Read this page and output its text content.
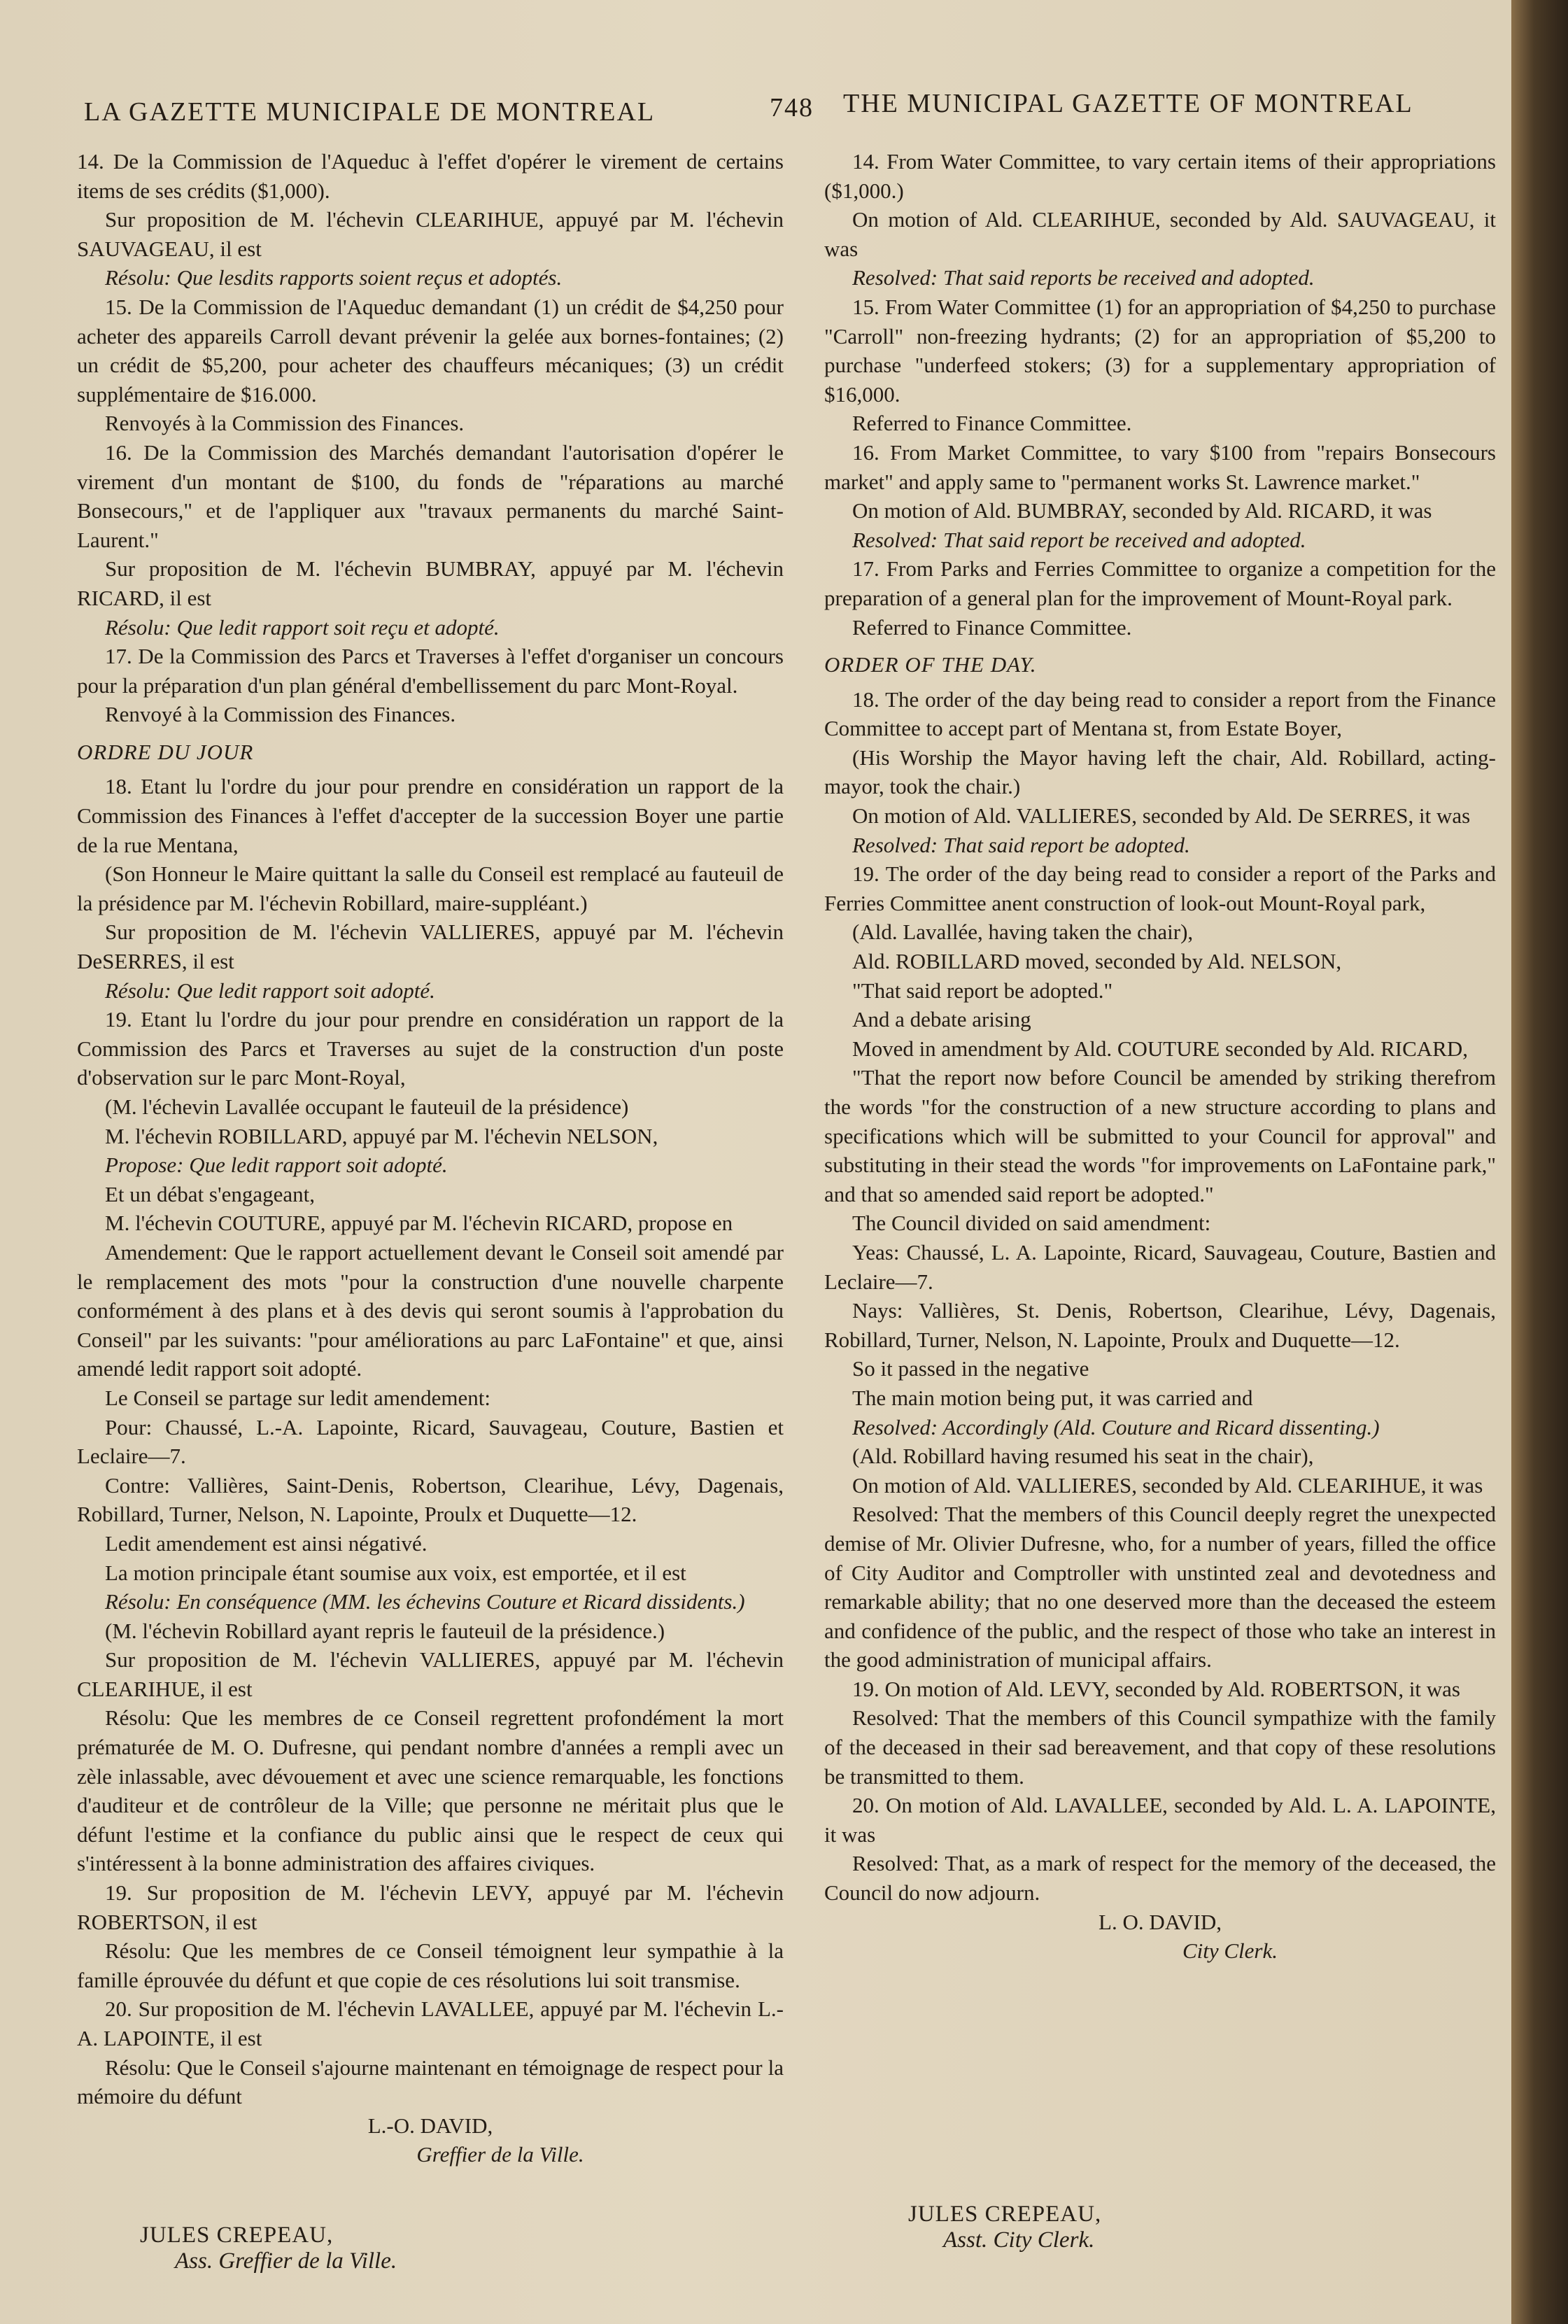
LA GAZETTE MUNICIPALE DE MONTREAL	748 THE MUNICIPAL GAZETTE OF MONTREAL

14. De la Commission de l'Aqueduc à l'effet d'opérer le virement de certains items de ses crédits ($1,000).

Sur proposition de M. l'échevin CLEARIHUE, appuyé par M. l'échevin SAUVAGEAU, il est

Résolu: Que lesdits rapports soient reçus et adoptés.

15. De la Commission de l'Aqueduc demandant (1) un crédit de $4,250 pour acheter des appareils Carroll devant prévenir la gelée aux bornes-fontaines; (2) un crédit de $5,200, pour acheter des chauffeurs mécaniques; (3) un crédit supplémentaire de $16.000.

Renvoyés à la Commission des Finances.

16. De la Commission des Marchés demandant l'autorisation d'opérer le virement d'un montant de $100, du fonds de "réparations au marché Bonsecours," et de l'appliquer aux "travaux permanents du marché Saint-Laurent."

Sur proposition de M. l'échevin BUMBRAY, appuyé par M. l'échevin RICARD, il est

Résolu: Que ledit rapport soit reçu et adopté.

17. De la Commission des Parcs et Traverses à l'effet d'organiser un concours pour la préparation d'un plan général d'embellissement du parc Mont-Royal.

Renvoyé à la Commission des Finances.

ORDRE DU JOUR

18. Etant lu l'ordre du jour pour prendre en considération un rapport de la Commission des Finances à l'effet d'accepter de la succession Boyer une partie de la rue Mentana,

(Son Honneur le Maire quittant la salle du Conseil est remplacé au fauteuil de la présidence par M. l'échevin Robillard, maire-suppléant.)

Sur proposition de M. l'échevin VALLIERES, appuyé par M. l'échevin DeSERRES, il est

Résolu: Que ledit rapport soit adopté.

19. Etant lu l'ordre du jour pour prendre en considération un rapport de la Commission des Parcs et Traverses au sujet de la construction d'un poste d'observation sur le parc Mont-Royal,

(M. l'échevin Lavallée occupant le fauteuil de la présidence)

M. l'échevin ROBILLARD, appuyé par M. l'échevin NELSON,

Propose: Que ledit rapport soit adopté.

Et un débat s'engageant,

M. l'échevin COUTURE, appuyé par M. l'échevin RICARD, propose en

Amendement: Que le rapport actuellement devant le Conseil soit amendé par le remplacement des mots "pour la construction d'une nouvelle charpente conformément à des plans et à des devis qui seront soumis à l'approbation du Conseil" par les suivants: "pour améliorations au parc LaFontaine" et que, ainsi amendé ledit rapport soit adopté.

Le Conseil se partage sur ledit amendement:

Pour: Chaussé, L.-A. Lapointe, Ricard, Sauvageau, Couture, Bastien et Leclaire—7.

Contre: Vallières, Saint-Denis, Robertson, Clearihue, Lévy, Dagenais, Robillard, Turner, Nelson, N. Lapointe, Proulx et Duquette—12.

Ledit amendement est ainsi négativé.

La motion principale étant soumise aux voix, est emportée, et il est

Résolu: En conséquence (MM. les échevins Couture et Ricard dissidents.)

(M. l'échevin Robillard ayant repris le fauteuil de la présidence.)

Sur proposition de M. l'échevin VALLIERES, appuyé par M. l'échevin CLEARIHUE, il est

Résolu: Que les membres de ce Conseil regrettent profondément la mort prématurée de M. O. Dufresne, qui pendant nombre d'années a rempli avec un zèle inlassable, avec dévouement et avec une science remarquable, les fonctions d'auditeur et de contrôleur de la Ville; que personne ne méritait plus que le défunt l'estime et la confiance du public ainsi que le respect de ceux qui s'intéressent à la bonne administration des affaires civiques.

19. Sur proposition de M. l'échevin LEVY, appuyé par M. l'échevin ROBERTSON, il est

Résolu: Que les membres de ce Conseil témoignent leur sympathie à la famille éprouvée du défunt et que copie de ces résolutions lui soit transmise.

20. Sur proposition de M. l'échevin LAVALLEE, appuyé par M. l'échevin L.-A. LAPOINTE, il est

Résolu: Que le Conseil s'ajourne maintenant en témoignage de respect pour la mémoire du défunt

L.-O. DAVID,

Greffier de la Ville.

14. From Water Committee, to vary certain items of their appropriations ($1,000.)

On motion of Ald. CLEARIHUE, seconded by Ald. SAUVAGEAU, it was

Resolved: That said reports be received and adopted.

15. From Water Committee (1) for an appropriation of $4,250 to purchase "Carroll" non-freezing hydrants; (2) for an appropriation of $5,200 to purchase "underfeed stokers; (3) for a supplementary appropriation of $16,000.

Referred to Finance Committee.

16. From Market Committee, to vary $100 from "repairs Bonsecours market" and apply same to "permanent works St. Lawrence market."

On motion of Ald. BUMBRAY, seconded by Ald. RICARD, it was

Resolved: That said report be received and adopted.

17. From Parks and Ferries Committee to organize a competition for the preparation of a general plan for the improvement of Mount-Royal park.

Referred to Finance Committee.

ORDER OF THE DAY.

18. The order of the day being read to consider a report from the Finance Committee to accept part of Mentana st, from Estate Boyer,

(His Worship the Mayor having left the chair, Ald. Robillard, acting-mayor, took the chair.)

On motion of Ald. VALLIERES, seconded by Ald. De SERRES, it was

Resolved: That said report be adopted.

19. The order of the day being read to consider a report of the Parks and Ferries Committee anent construction of look-out Mount-Royal park,

(Ald. Lavallée, having taken the chair),

Ald. ROBILLARD moved, seconded by Ald. NELSON,

"That said report be adopted."

And a debate arising

Moved in amendment by Ald. COUTURE seconded by Ald. RICARD,

"That the report now before Council be amended by striking therefrom the words "for the construction of a new structure according to plans and specifications which will be submitted to your Council for approval" and substituting in their stead the words "for improvements on LaFontaine park," and that so amended said report be adopted."

The Council divided on said amendment:

Yeas: Chaussé, L. A. Lapointe, Ricard, Sauvageau, Couture, Bastien and Leclaire—7.

Nays: Vallières, St. Denis, Robertson, Clearihue, Lévy, Dagenais, Robillard, Turner, Nelson, N. Lapointe, Proulx and Duquette—12.

So it passed in the negative

The main motion being put, it was carried and

Resolved: Accordingly (Ald. Couture and Ricard dissenting.)

(Ald. Robillard having resumed his seat in the chair),

On motion of Ald. VALLIERES, seconded by Ald. CLEARIHUE, it was

Resolved: That the members of this Council deeply regret the unexpected demise of Mr. Olivier Dufresne, who, for a number of years, filled the office of City Auditor and Comptroller with unstinted zeal and devotedness and remarkable ability; that no one deserved more than the deceased the esteem and confidence of the public, and the respect of those who take an interest in the good administration of municipal affairs.

19. On motion of Ald. LEVY, seconded by Ald. ROBERTSON, it was

Resolved: That the members of this Council sympathize with the family of the deceased in their sad bereavement, and that copy of these resolutions be transmitted to them.

20. On motion of Ald. LAVALLEE, seconded by Ald. L. A. LAPOINTE, it was

Resolved: That, as a mark of respect for the memory of the deceased, the Council do now adjourn.

L. O. DAVID,

City Clerk.

JULES CREPEAU,
Ass. Greffier de la Ville.
JULES CREPEAU,
Asst. City Clerk.
